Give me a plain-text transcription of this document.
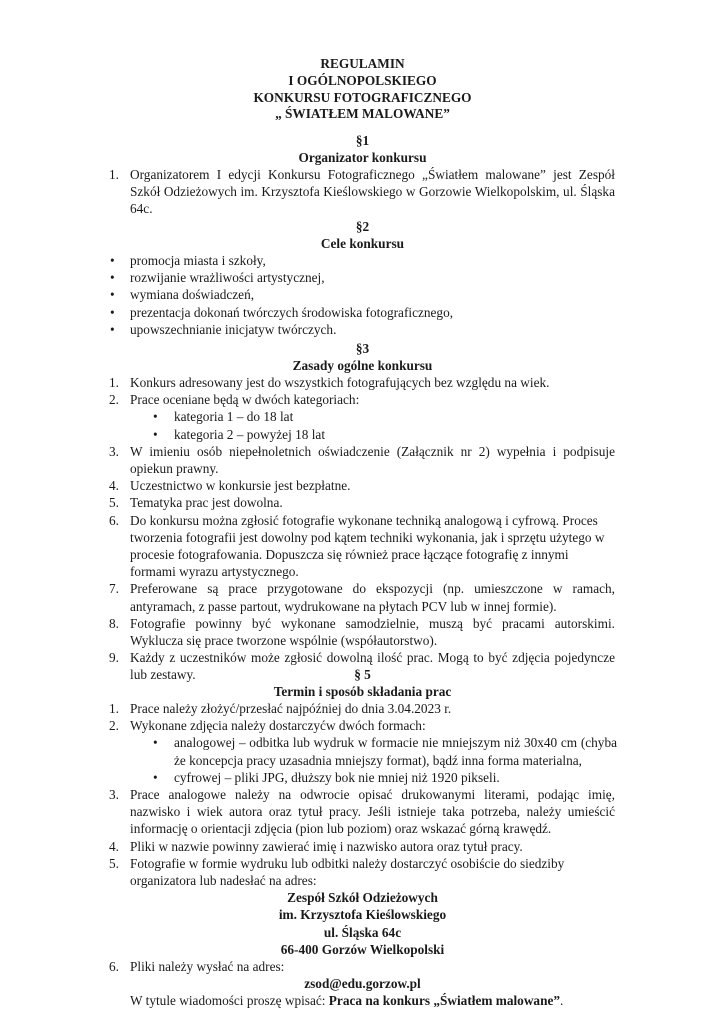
REGULAMIN
I OGÓLNOPOLSKIEGO
KONKURSU FOTOGRAFICZNEGO
„ ŚWIATŁEM MALOWANE”
§1
Organizator konkursu
1. Organizatorem I edycji Konkursu Fotograficznego „Światłem malowane” jest Zespół Szkół Odzieżowych im. Krzysztofa Kieślowskiego w Gorzowie Wielkopolskim, ul. Śląska 64c.
§2
Cele konkursu
• promocja miasta i szkoły,
• rozwijanie wrażliwości artystycznej,
• wymiana doświadczeń,
• prezentacja dokonań twórczych środowiska fotograficznego,
• upowszechnianie inicjatyw twórczych.
§3
Zasady ogólne konkursu
1. Konkurs adresowany jest do wszystkich fotografujących bez względu na wiek.
2. Prace oceniane będą w dwóch kategoriach:
• kategoria 1 – do 18 lat
• kategoria 2 – powyżej 18 lat
3. W imieniu osób niepełnoletnich oświadczenie (Załącznik nr 2) wypełnia i podpisuje opiekun prawny.
4. Uczestnictwo w konkursie jest bezpłatne.
5. Tematyka prac jest dowolna.
6. Do konkursu można zgłosić fotografie wykonane techniką analogową i cyfrową. Proces tworzenia fotografii jest dowolny pod kątem techniki wykonania, jak i sprzętu użytego w procesie fotografowania. Dopuszcza się również prace łączące fotografię z innymi formami wyrazu artystycznego.
7. Preferowane są prace przygotowane do ekspozycji (np. umieszczone w ramach, antyramach, z passe partout, wydrukowane na płytach PCV lub w innej formie).
8. Fotografie powinny być wykonane samodzielnie, muszą być pracami autorskimi. Wyklucza się prace tworzone wspólnie (współautorstwo).
9. Każdy z uczestników może zgłosić dowolną ilość prac. Mogą to być zdjęcia pojedyncze lub zestawy.	§ 5
Termin i sposób składania prac
1. Prace należy złożyć/przesłać najpóźniej do dnia 3.04.2023 r.
2. Wykonane zdjęcia należy dostarczyćw dwóch formach:
• analogowej – odbitka lub wydruk w formacie nie mniejszym niż 30x40 cm (chyba że koncepcja pracy uzasadnia mniejszy format), bądź inna forma materialna,
• cyfrowej – pliki JPG, dłuższy bok nie mniej niż 1920 pikseli.
3. Prace analogowe należy na odwrocie opisać drukowanymi literami, podając imię, nazwisko i wiek autora oraz tytuł pracy. Jeśli istnieje taka potrzeba, należy umieścić informację o orientacji zdjęcia (pion lub poziom) oraz wskazać górną krawędź.
4. Pliki w nazwie powinny zawierać imię i nazwisko autora oraz tytuł pracy.
5. Fotografie w formie wydruku lub odbitki należy dostarczyć osobiście do siedziby organizatora lub nadesłać na adres:
Zespół Szkół Odzieżowych
im. Krzysztofa Kieślowskiego
ul. Śląska 64c
66-400 Gorzów Wielkopolski
6. Pliki należy wysłać na adres:
zsod@edu.gorzow.pl
W tytule wiadomości proszę wpisać: Praca na konkurs „Światłem malowane”.
